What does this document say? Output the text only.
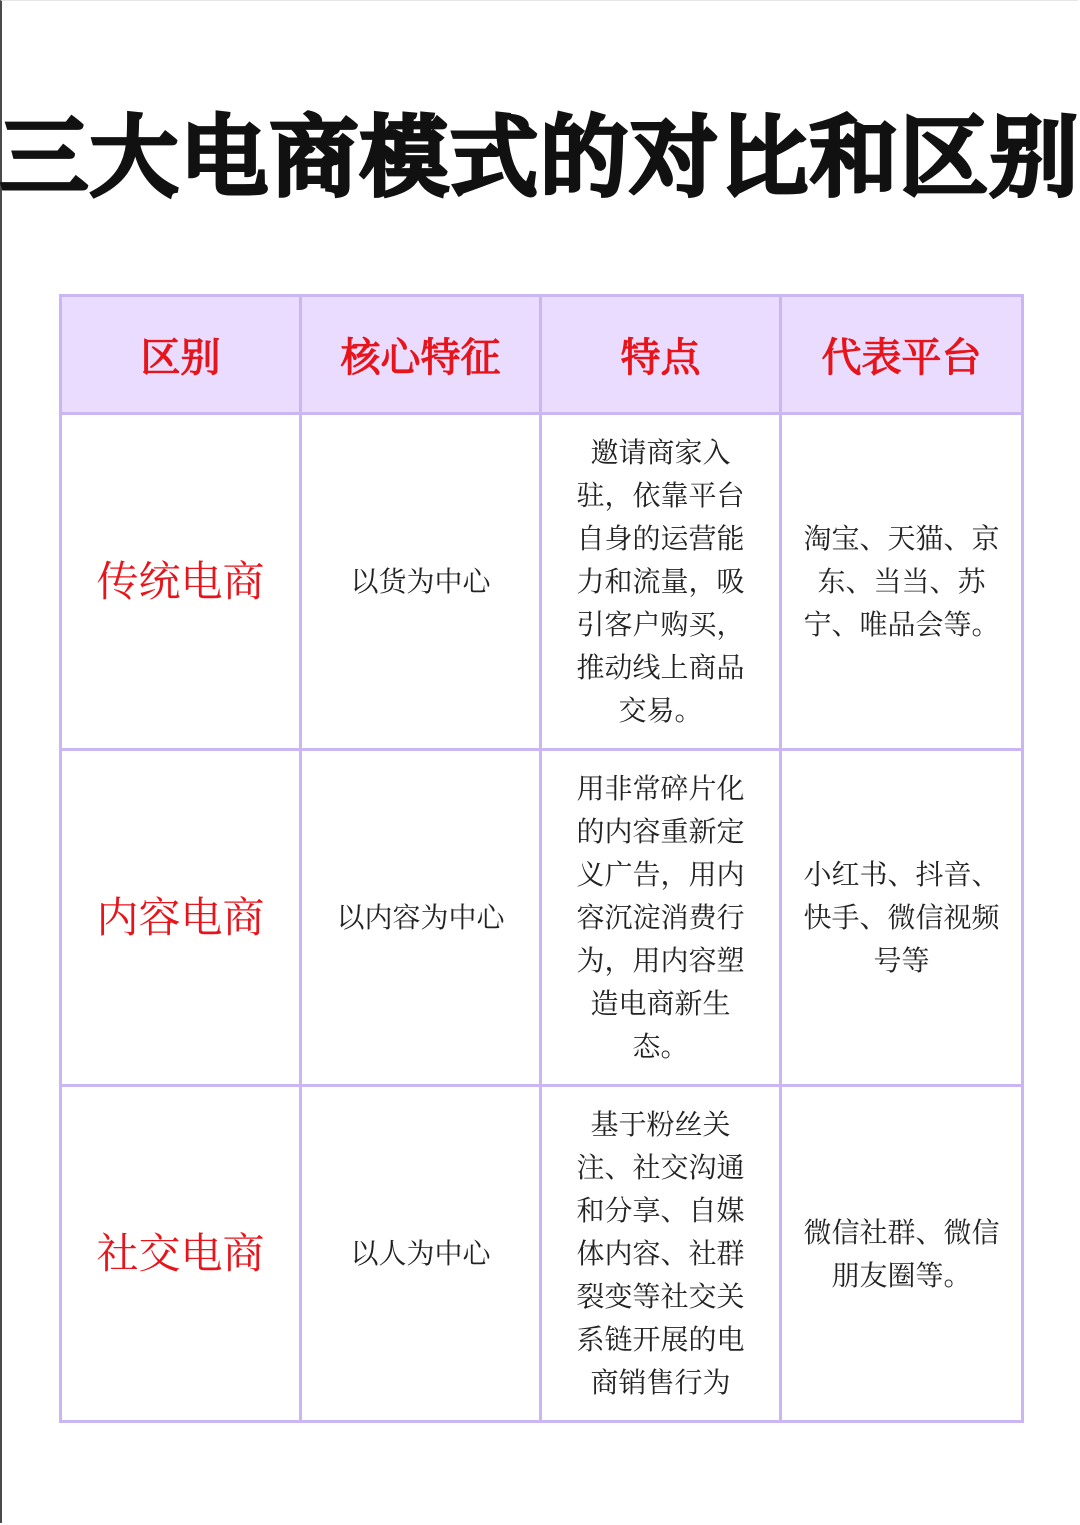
三大电商模式的对比和区别
区别	核心特征	特点	代表平台
传统电商	以货为中心	邀请商家入驻，依靠平台自身的运营能力和流量，吸引客户购买，推动线上商品交易。	淘宝、天猫、京东、当当、苏宁、唯品会等。
内容电商	以内容为中心	用非常碎片化的内容重新定义广告，用内容沉淀消费行为，用内容塑造电商新生态。	小红书、抖音、快手、微信视频号等
社交电商	以人为中心	基于粉丝关注、社交沟通和分享、自媒体内容、社群裂变等社交关系链开展的电商销售行为	微信社群、微信朋友圈等。
